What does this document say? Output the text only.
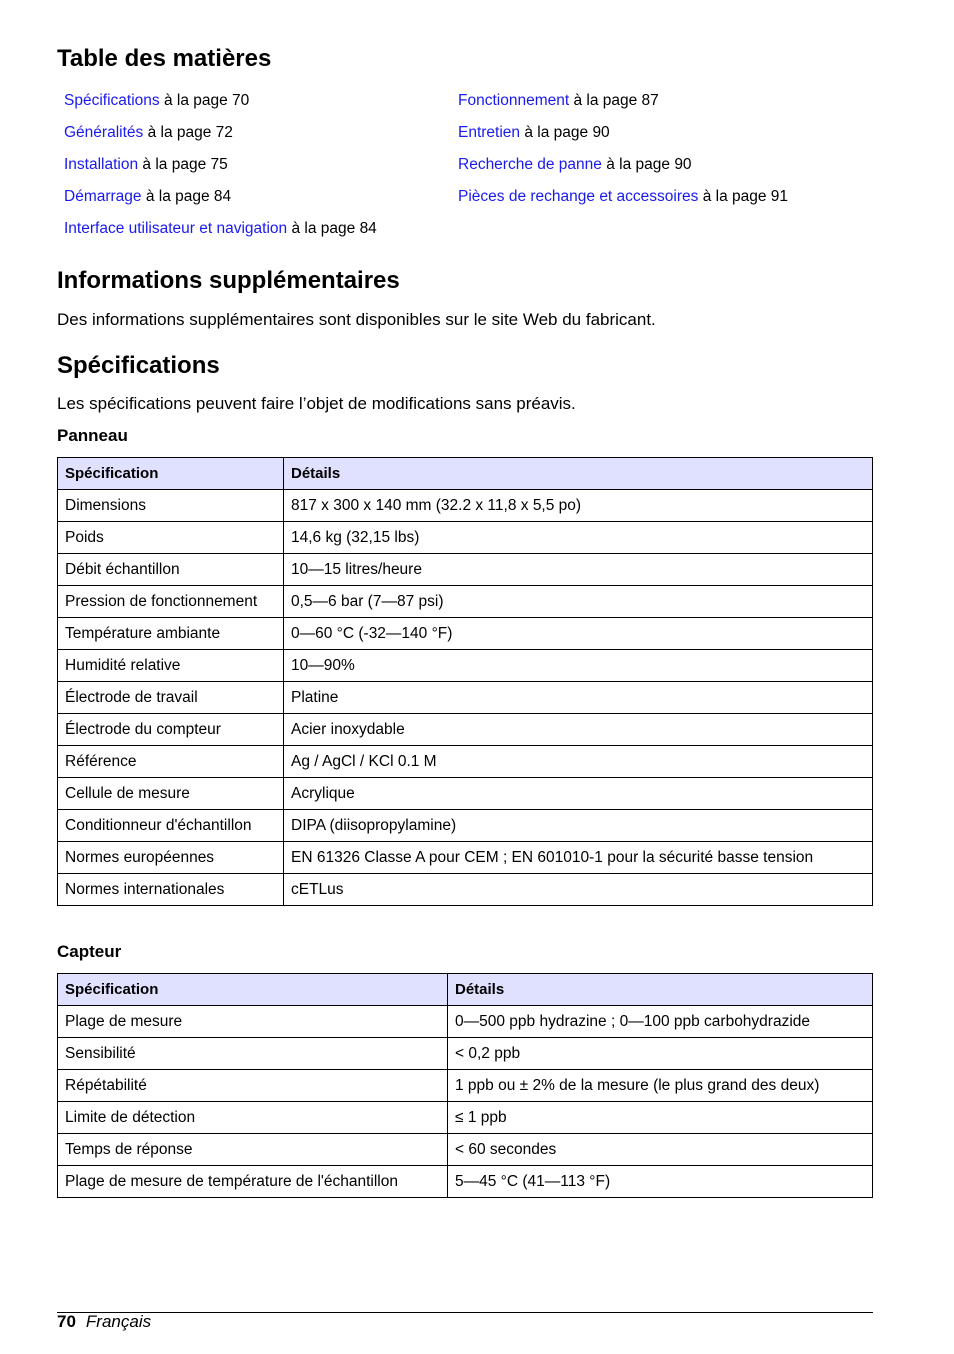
Table des matières
Spécifications à la page 70
Généralités à la page 72
Installation à la page 75
Démarrage à la page 84
Interface utilisateur et navigation à la page 84
Fonctionnement à la page 87
Entretien à la page 90
Recherche de panne à la page 90
Pièces de rechange et accessoires à la page 91
Informations supplémentaires
Des informations supplémentaires sont disponibles sur le site Web du fabricant.
Spécifications
Les spécifications peuvent faire l’objet de modifications sans préavis.
Panneau
Spécification	Détails
Dimensions	817 x 300 x 140 mm (32.2 x 11,8 x 5,5 po)
Poids	14,6 kg (32,15 lbs)
Débit échantillon	10—15 litres/heure
Pression de fonctionnement	0,5—6 bar (7—87 psi)
Température ambiante	0—60 °C (-32—140 °F)
Humidité relative	10—90%
Électrode de travail	Platine
Électrode du compteur	Acier inoxydable
Référence	Ag / AgCl / KCl 0.1 M
Cellule de mesure	Acrylique
Conditionneur d'échantillon	DIPA (diisopropylamine)
Normes européennes	EN 61326 Classe A pour CEM ; EN 601010-1 pour la sécurité basse tension
Normes internationales	cETLus
Capteur
Spécification	Détails
Plage de mesure	0—500 ppb hydrazine ; 0—100 ppb carbohydrazide
Sensibilité	< 0,2 ppb
Répétabilité	1 ppb ou ± 2% de la mesure (le plus grand des deux)
Limite de détection	≤ 1 ppb
Temps de réponse	< 60 secondes
Plage de mesure de température de l'échantillon	5—45 °C (41—113 °F)
70 Français
